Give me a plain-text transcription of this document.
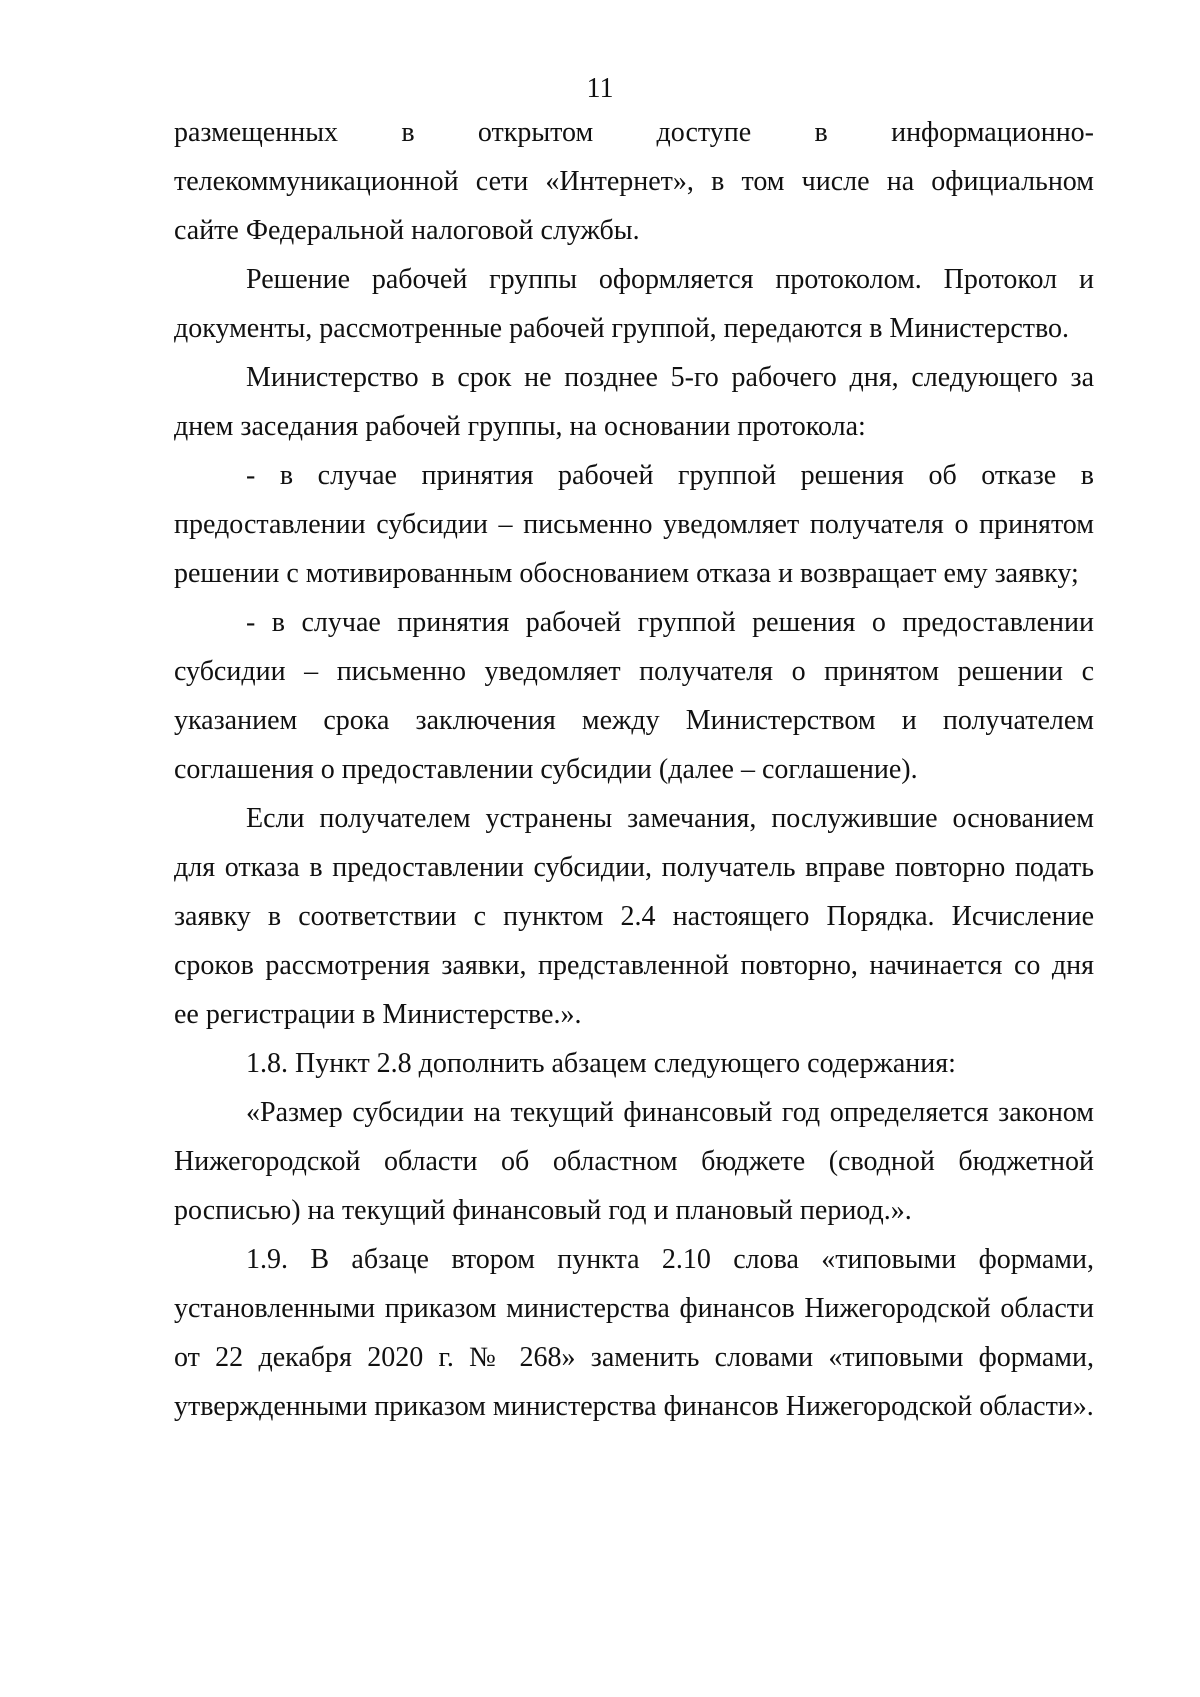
11

размещенных в открытом доступе в информационно-телекоммуникационной сети «Интернет», в том числе на официальном сайте Федеральной налоговой службы.

Решение рабочей группы оформляется протоколом. Протокол и документы, рассмотренные рабочей группой, передаются в Министерство.

Министерство в срок не позднее 5-го рабочего дня, следующего за днем заседания рабочей группы, на основании протокола:

- в случае принятия рабочей группой решения об отказе в предоставлении субсидии – письменно уведомляет получателя о принятом решении с мотивированным обоснованием отказа и возвращает ему заявку;

- в случае принятия рабочей группой решения о предоставлении субсидии – письменно уведомляет получателя о принятом решении с указанием срока заключения между Министерством и получателем соглашения о предоставлении субсидии (далее – соглашение).

Если получателем устранены замечания, послужившие основанием для отказа в предоставлении субсидии, получатель вправе повторно подать заявку в соответствии с пунктом 2.4 настоящего Порядка. Исчисление сроков рассмотрения заявки, представленной повторно, начинается со дня ее регистрации в Министерстве.».

1.8. Пункт 2.8 дополнить абзацем следующего содержания:

«Размер субсидии на текущий финансовый год определяется законом Нижегородской области об областном бюджете (сводной бюджетной росписью) на текущий финансовый год и плановый период.».

1.9. В абзаце втором пункта 2.10 слова «типовыми формами, установленными приказом министерства финансов Нижегородской области от 22 декабря 2020 г. № 268» заменить словами «типовыми формами, утвержденными приказом министерства финансов Нижегородской области».
